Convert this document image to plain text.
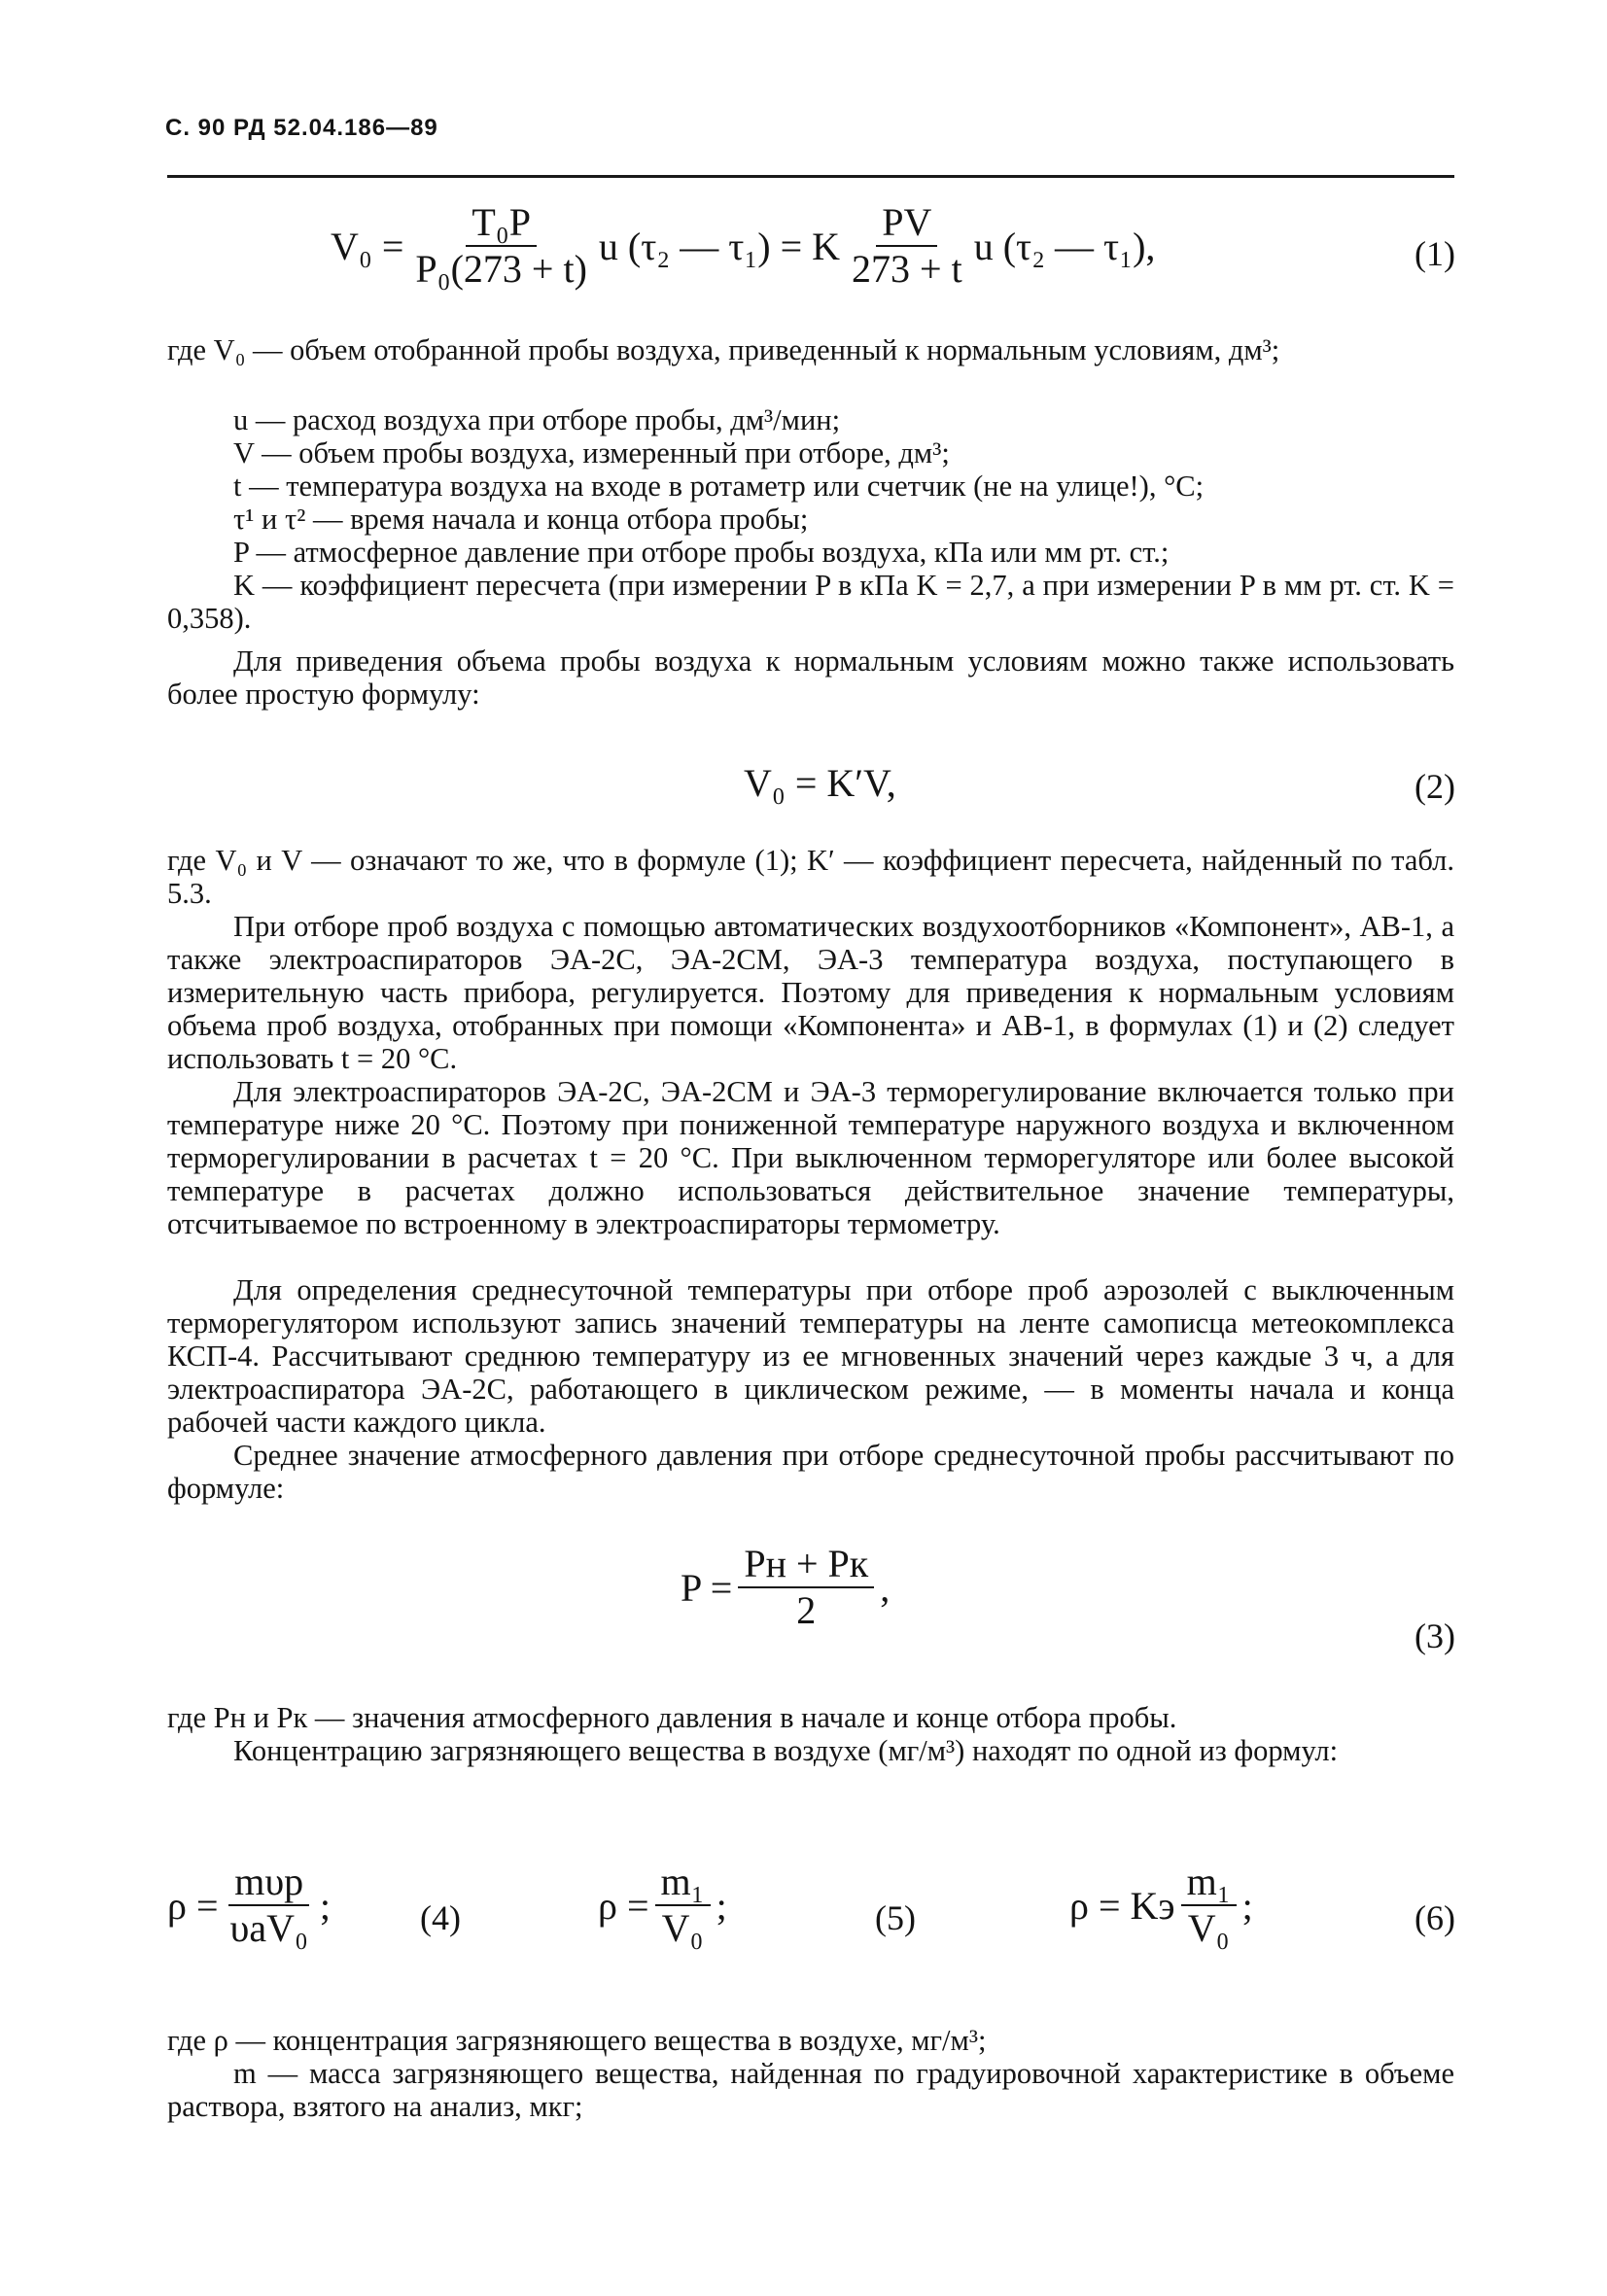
С. 90 РД 52.04.186—89
$V_0 = \frac{\text{T₀P}}{\text{P₀(273 + t)}}$ u (τ₂ — τ₁) = K $\frac{PV}{273 + t}$ u (τ₂ — τ₁),	(1)
где V₀ — объем отобранной пробы воздуха, приведенный к нормальным условиям, дм³;
u — расход воздуха при отборе пробы, дм³/мин;
V — объем пробы воздуха, измеренный при отборе, дм³;
t — температура воздуха на входе в ротаметр или счетчик (не на улице!), °С;
τ¹ и τ² — время начала и конца отбора пробы;
P — атмосферное давление при отборе пробы воздуха, кПа или мм рт. ст.;
K — коэффициент пересчета (при измерении P в кПа K = 2,7, а при измерении P в мм рт. ст. K = 0,358).
Для приведения объема пробы воздуха к нормальным условиям можно также использовать более простую формулу:
V₀ = K′V,	(2)
где V₀ и V — означают то же, что в формуле (1); K′ — коэффициент пересчета, найденный по табл. 5.3.
При отборе проб воздуха с помощью автоматических воздухоотборников «Компонент», АВ-1, а также электроаспираторов ЭА-2С, ЭА-2СМ, ЭА-3 температура воздуха, поступающего в измерительную часть прибора, регулируется. Поэтому для приведения к нормальным условиям объема проб воздуха, отобранных при помощи «Компонента» и АВ-1, в формулах (1) и (2) следует использовать t = 20 °С.
Для электроаспираторов ЭА-2С, ЭА-2СМ и ЭА-3 терморегулирование включается только при температуре ниже 20 °С. Поэтому при пониженной температуре наружного воздуха и включенном терморегулировании в расчетах t = 20 °С. При выключенном терморегуляторе или более высокой температуре в расчетах должно использоваться действительное значение температуры, отсчитываемое по встроенному в электроаспираторы термометру.
Для определения среднесуточной температуры при отборе проб аэрозолей с выключенным терморегулятором используют запись значений температуры на ленте самописца метеокомплекса КСП-4. Рассчитывают среднюю температуру из ее мгновенных значений через каждые 3 ч, а для электроаспиратора ЭА-2С, работающего в циклическом режиме, — в моменты начала и конца рабочей части каждого цикла.
Среднее значение атмосферного давления при отборе среднесуточной пробы рассчитывают по формуле:
$P = \frac{Pн + Pк}{2}$ ,
(3)
где Pн и Pк — значения атмосферного давления в начале и конце отбора пробы.
Концентрацию загрязняющего вещества в воздухе (мг/м³) находят по одной из формул:
$\rho = \frac{\text{mυр}}{\text{υаV₀}}$ ;	(4)	$\rho = \frac{\text{m₁}}{\text{V₀}}$ ;	(5)	ρ = Kэ $\frac{\text{m₁}}{\text{V₀}}$ ;	(6)
где ρ — концентрация загрязняющего вещества в воздухе, мг/м³;
m — масса загрязняющего вещества, найденная по градуировочной характеристике в объеме раствора, взятого на анализ, мкг;
